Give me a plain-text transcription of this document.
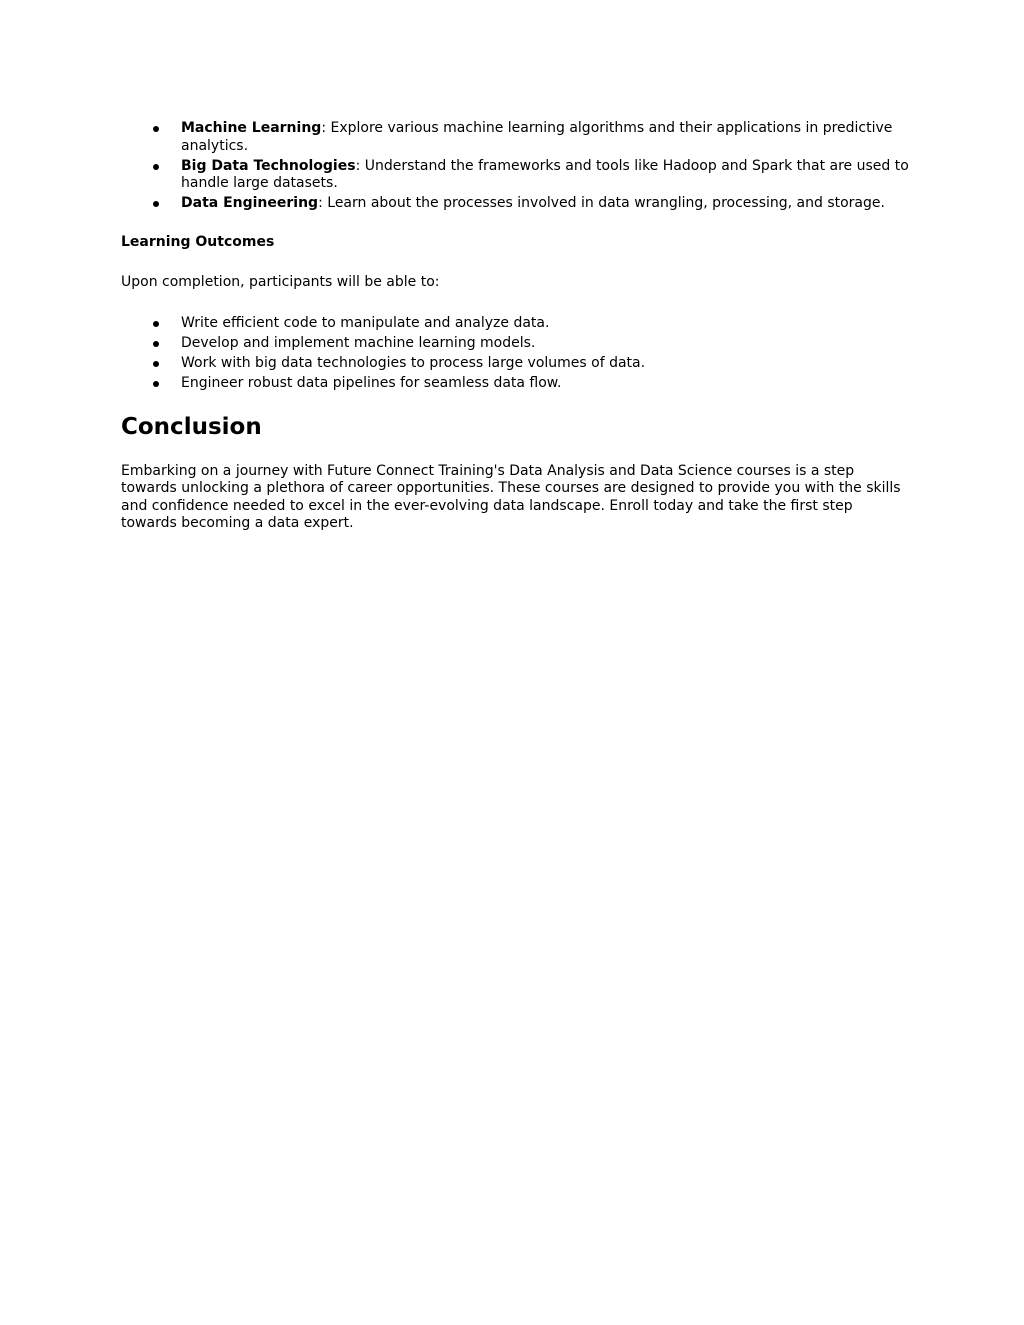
Machine Learning: Explore various machine learning algorithms and their applications in predictive analytics.
Big Data Technologies: Understand the frameworks and tools like Hadoop and Spark that are used to handle large datasets.
Data Engineering: Learn about the processes involved in data wrangling, processing, and storage.

Learning Outcomes

Upon completion, participants will be able to:

Write efficient code to manipulate and analyze data.
Develop and implement machine learning models.
Work with big data technologies to process large volumes of data.
Engineer robust data pipelines for seamless data flow.
Conclusion

Embarking on a journey with Future Connect Training's Data Analysis and Data Science courses is a step towards unlocking a plethora of career opportunities. These courses are designed to provide you with the skills and confidence needed to excel in the ever-evolving data landscape. Enroll today and take the first step towards becoming a data expert.
